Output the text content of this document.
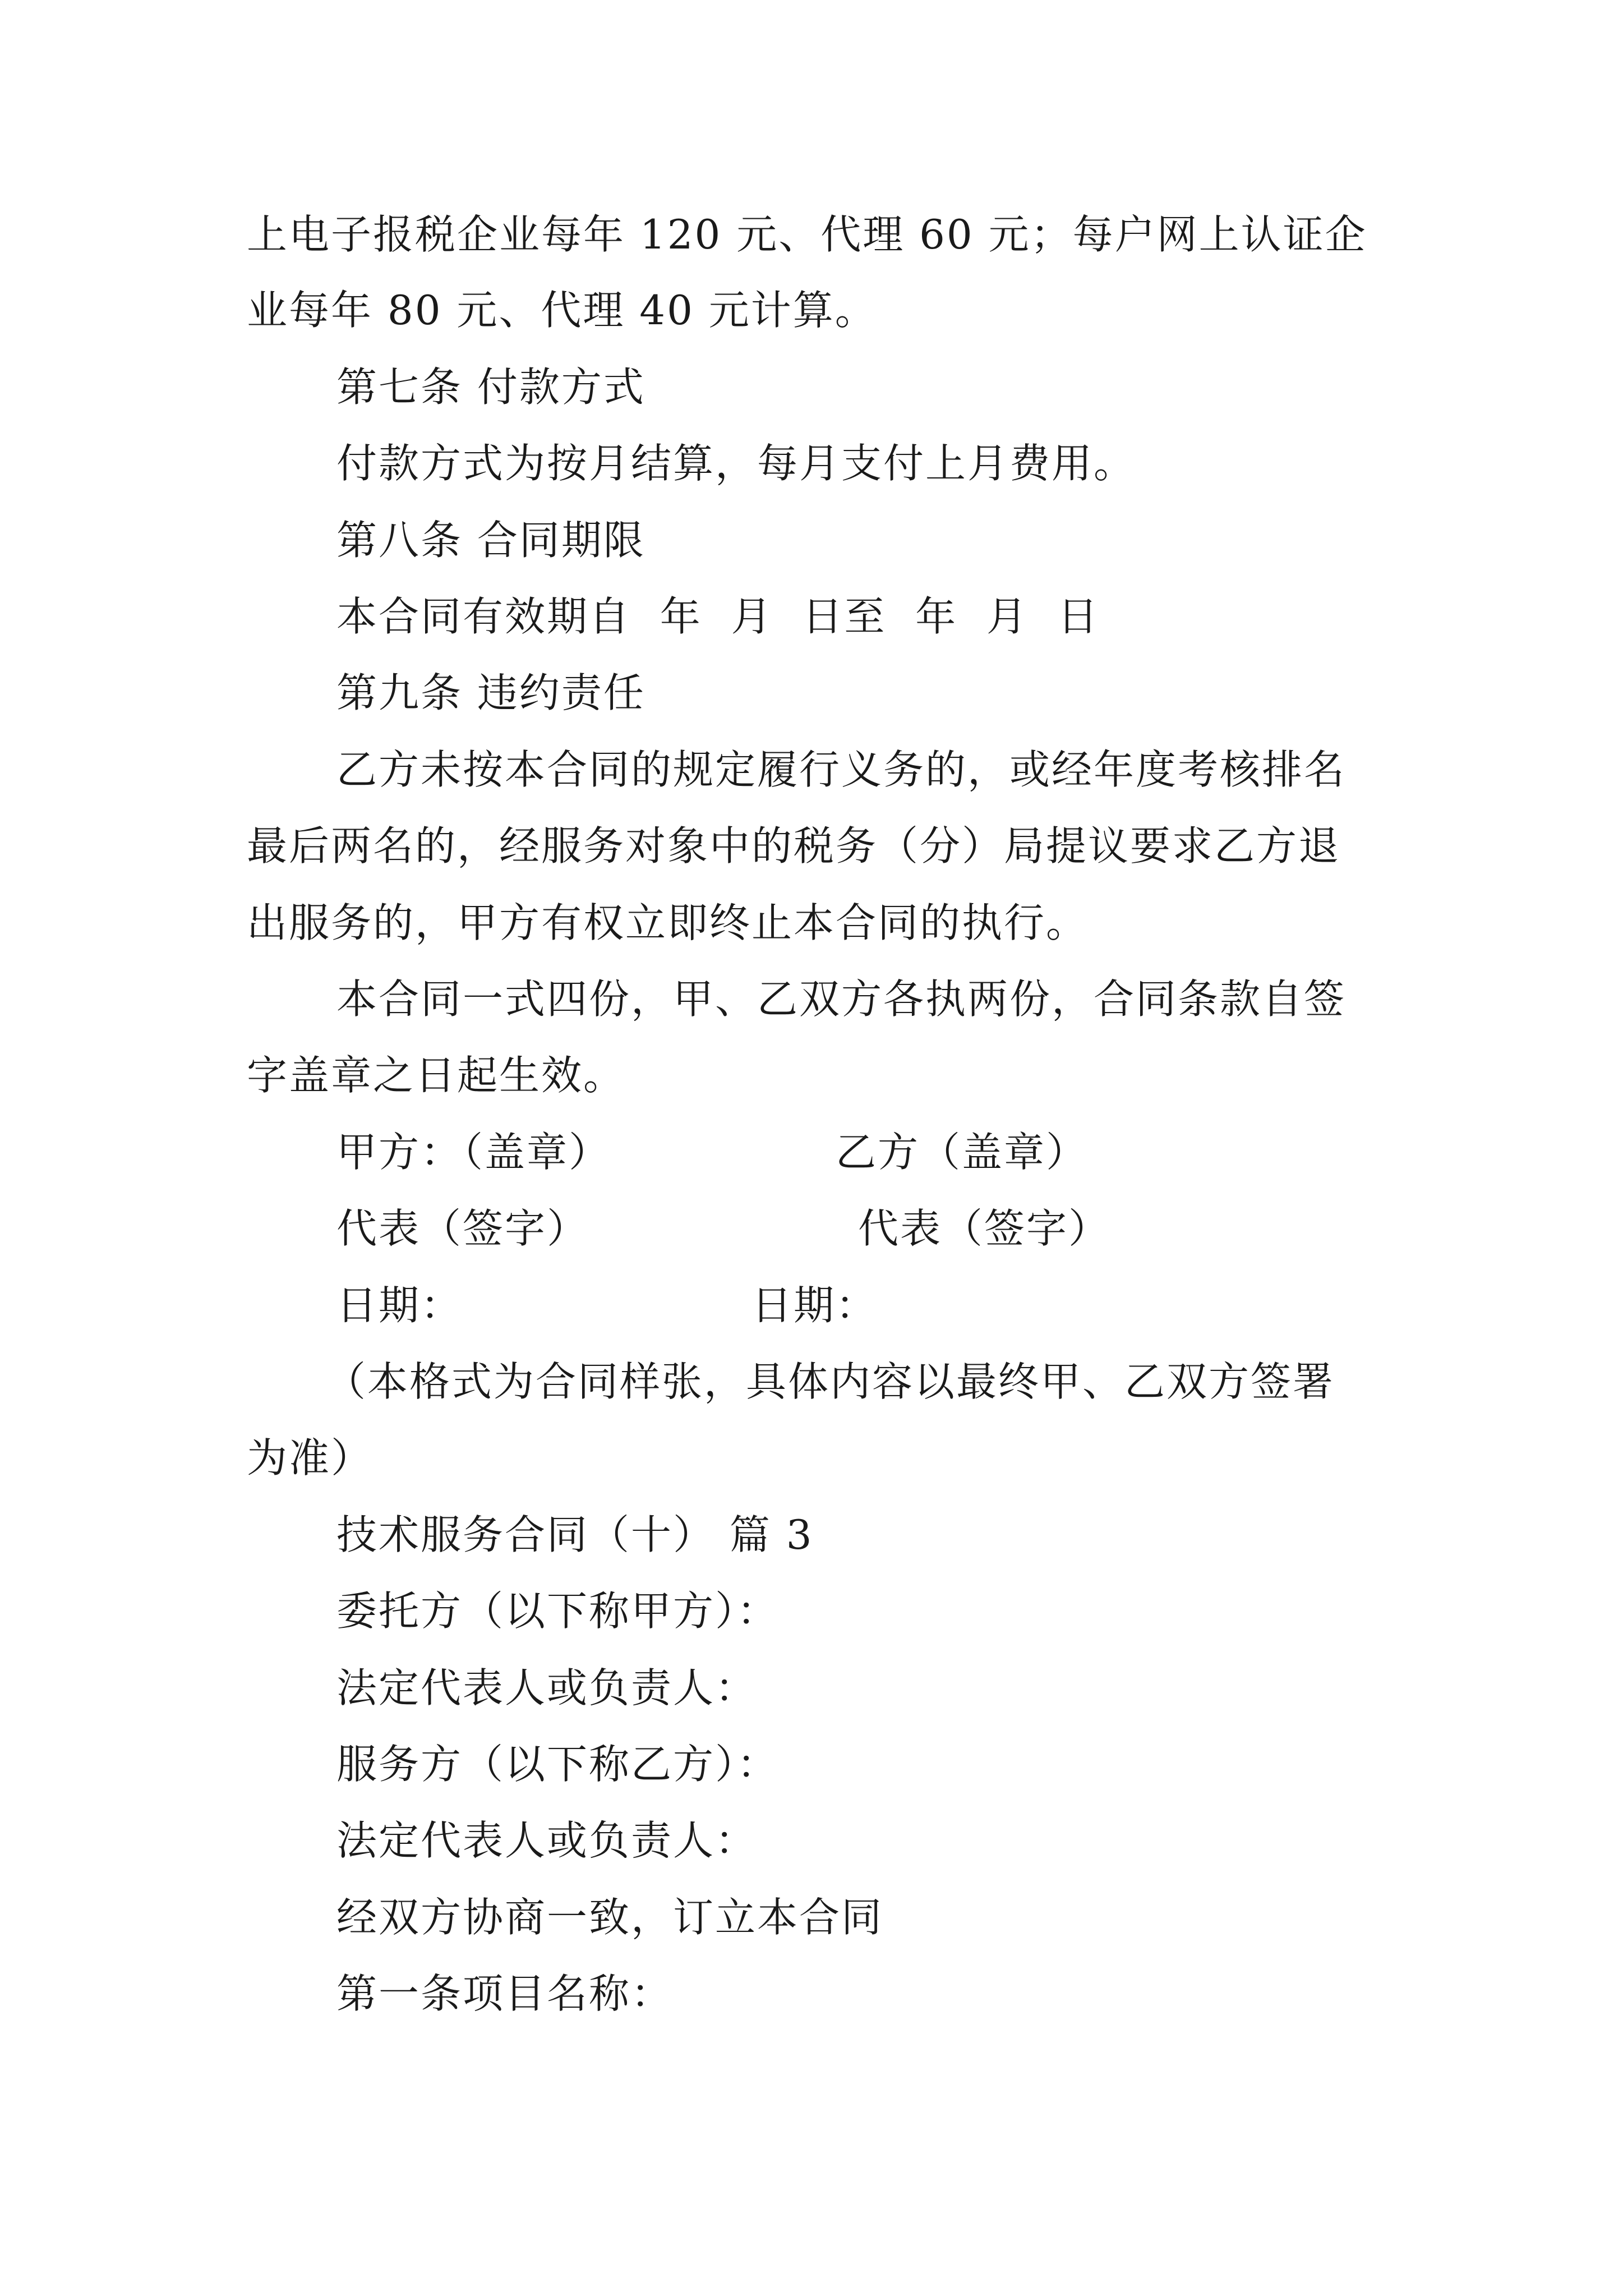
上电子报税企业每年 120 元、代理 60 元；每户网上认证企
业每年 80 元、代理 40 元计算。
第七条 付款方式
付款方式为按月结算，每月支付上月费用。
第八条 合同期限
本合同有效期自  年  月  日至  年  月  日
第九条 违约责任
乙方未按本合同的规定履行义务的，或经年度考核排名
最后两名的，经服务对象中的税务（分）局提议要求乙方退
出服务的，甲方有权立即终止本合同的执行。
本合同一式四份，甲、乙双方各执两份，合同条款自签
字盖章之日起生效。
甲方：（盖章）	乙方（盖章）
代表（签字）	代表（签字）
日期：	日期：
（本格式为合同样张，具体内容以最终甲、乙双方签署
为准）
技术服务合同（十） 篇 3
委托方（以下称甲方）：
法定代表人或负责人：
服务方（以下称乙方）：
法定代表人或负责人：
经双方协商一致，订立本合同
第一条项目名称：
